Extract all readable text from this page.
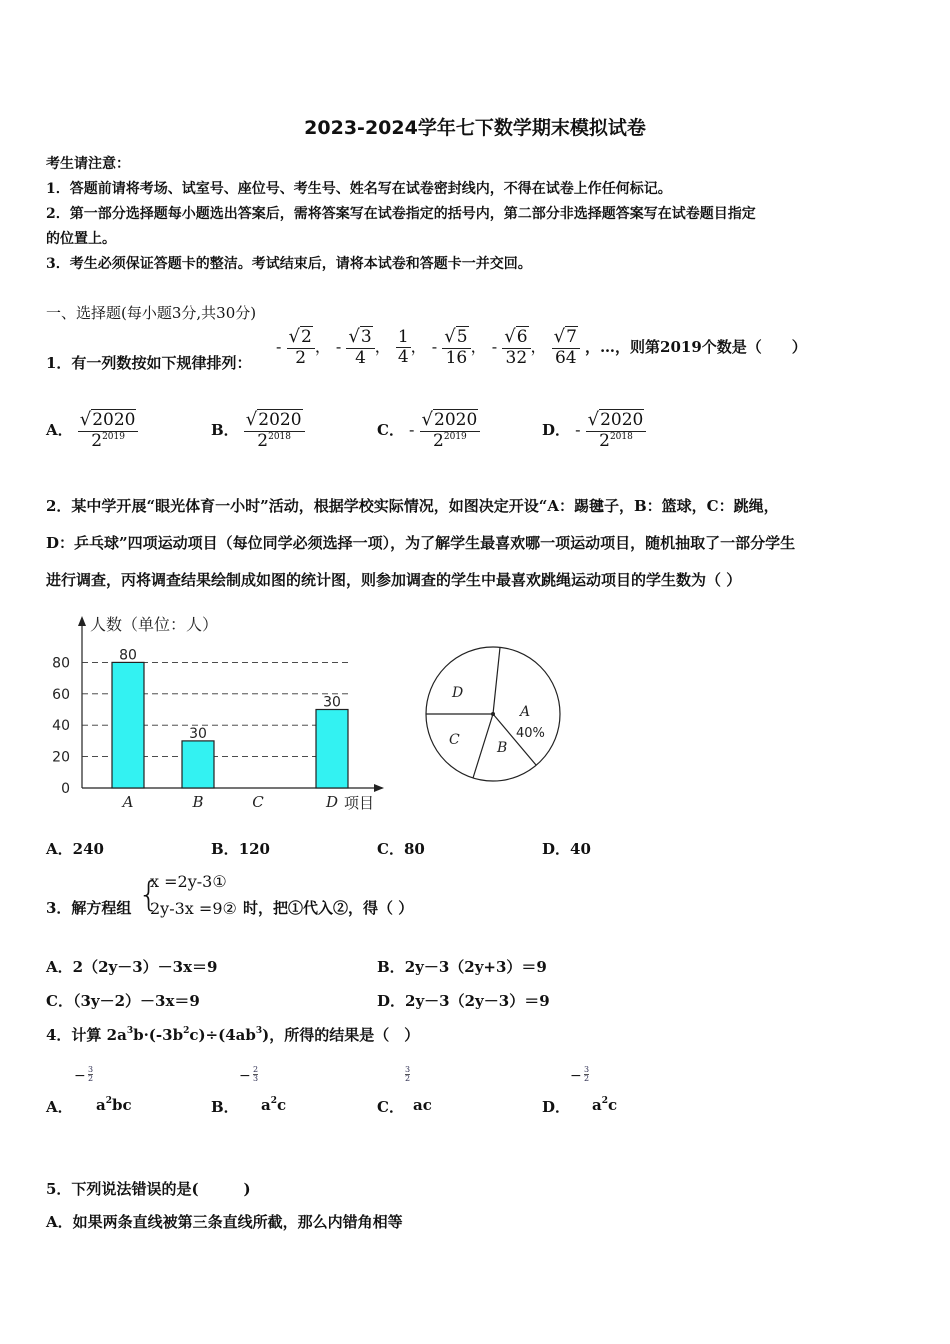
2023-2024学年七下数学期末模拟试卷
考生请注意：
1．答题前请将考场、试室号、座位号、考生号、姓名写在试卷密封线内，不得在试卷上作任何标记。
2．第一部分选择题每小题选出答案后，需将答案写在试卷指定的括号内，第二部分非选择题答案写在试卷题目指定
的位置上。
3．考生必须保证答题卡的整洁。考试结束后，请将本试卷和答题卡一并交回。
一、选择题(每小题3分,共30分)
1．有一列数按如下规律排列：
- $\frac{√2}{2}$ ， - $\frac{√3}{4}$ ， $\frac{1}{4}$ ， - $\frac{√5}{16}$ ， - $\frac{√6}{32}$ ， $\frac{√7}{64}$ ，…，则第2019个数是（　　）
A． $\frac{√2020}{2^{2019}}$	B． $\frac{√2020}{2^{2018}}$	C． - $\frac{√2020}{2^{2019}}$	D． - $\frac{√2020}{2^{2018}}$
2．某中学开展“眼光体育一小时”活动，根据学校实际情况，如图决定开设“A：踢毽子，B：篮球，C：跳绳，
D：乒乓球”四项运动项目（每位同学必须选择一项），为了解学生最喜欢哪一项运动项目，随机抽取了一部分学生
进行调查，丙将调查结果绘制成如图的统计图，则参加调查的学生中最喜欢跳绳运动项目的学生数为（ ）
人数（单位：人）
项目
0
20
40
60
80	80
30
30
A	B	C	D
A
40%
B
C
D
A．240	B．120	C．80	D．40
3．解方程组 {
x =2y-3①
2y-3x =9② 时，把①代入②，得（ ）
A．2（2y－3）－3x＝9	B．2y－3（2y+3）＝9
C．（3y－2）－3x＝9	D．2y－3（2y－3）＝9
4．计算 $2a^3b\cdot(-3b^2c)\div(4ab^3)$，所得的结果是（　）
A．
− $\frac{3}{2}$
$a^2bc$	B．
− $\frac{2}{3}$
$a^2c$	C．
$\frac{3}{2}$
ac	D．
− $\frac{3}{2}$
$a^2c$
5．下列说法错误的是(　　　)
A．如果两条直线被第三条直线所截，那么内错角相等
